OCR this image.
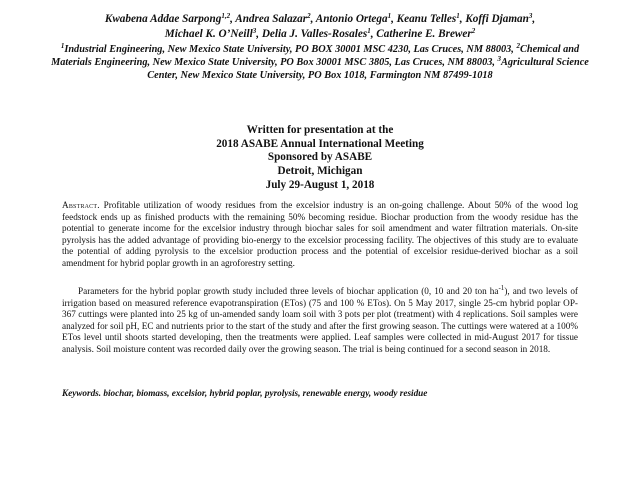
Kwabena Addae Sarpong$^{1,2}$, Andrea Salazar$^2$, Antonio Ortega$^1$, Keanu Telles$^1$, Koffi Djaman$^3$,
Michael K. O’Neill$^3$, Delia J. Valles-Rosales$^1$, Catherine E. Brewer$^2$
$^1$Industrial Engineering, New Mexico State University, PO BOX 30001 MSC 4230, Las Cruces, NM 88003, $^2$Chemical and Materials Engineering, New Mexico State University, PO Box 30001 MSC 3805, Las Cruces, NM 88003, $^3$Agricultural Science Center, New Mexico State University, PO Box 1018, Farmington NM 87499-1018
Written for presentation at the
2018 ASABE Annual International Meeting
Sponsored by ASABE
Detroit, Michigan
July 29-August 1, 2018
Abstract. Profitable utilization of woody residues from the excelsior industry is an on-going challenge. About 50% of the wood log feedstock ends up as finished products with the remaining 50% becoming residue. Biochar production from the woody residue has the potential to generate income for the excelsior industry through biochar sales for soil amendment and water filtration materials. On-site pyrolysis has the added advantage of providing bio-energy to the excelsior processing facility. The objectives of this study are to evaluate the potential of adding pyrolysis to the excelsior production process and the potential of excelsior residue-derived biochar as a soil amendment for hybrid poplar growth in an agroforestry setting.
Parameters for the hybrid poplar growth study included three levels of biochar application (0, 10 and 20 ton $ha^{-1}$), and two levels of irrigation based on measured reference evapotranspiration (ETos) (75 and 100 % ETos). On 5 May 2017, single 25-cm hybrid poplar OP-367 cuttings were planted into 25 kg of un-amended sandy loam soil with 3 pots per plot (treatment) with 4 replications. Soil samples were analyzed for soil pH, EC and nutrients prior to the start of the study and after the first growing season. The cuttings were watered at a 100% ETos level until shoots started developing, then the treatments were applied. Leaf samples were collected in mid-August 2017 for tissue analysis. Soil moisture content was recorded daily over the growing season. The trial is being continued for a second season in 2018.
Keywords. biochar, biomass, excelsior, hybrid poplar, pyrolysis, renewable energy, woody residue
